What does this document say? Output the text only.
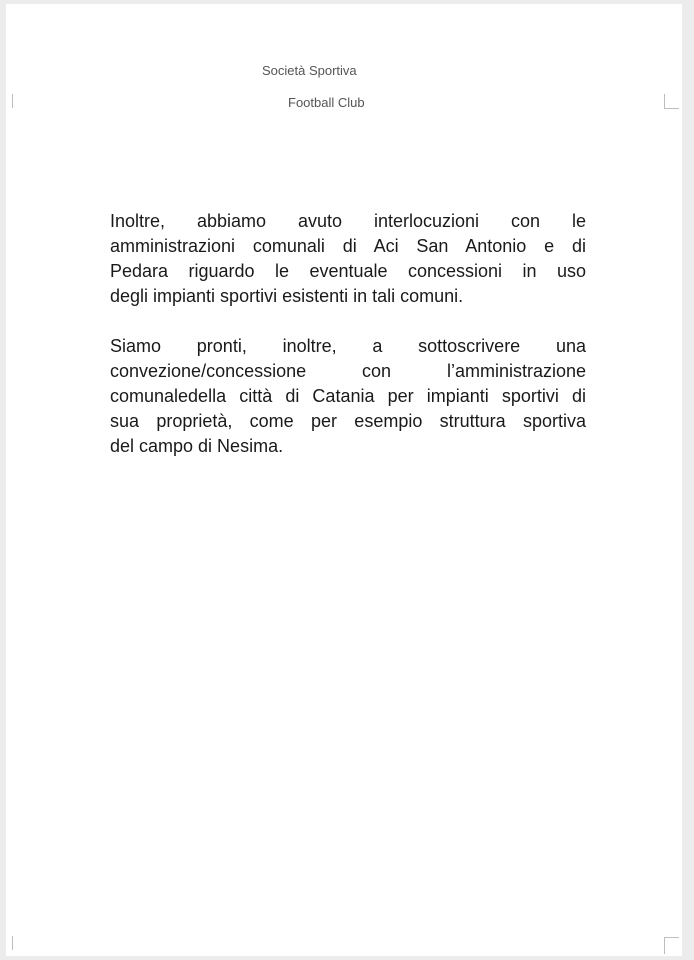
Società Sportiva

Football Club

Inoltre, abbiamo avuto interlocuzioni con le
amministrazioni comunali di Aci San Antonio e di
Pedara riguardo le eventuale concessioni in uso
degli impianti sportivi esistenti in tali comuni.

Siamo pronti, inoltre, a sottoscrivere una
convezione/concessione con l’amministrazione
comunaledella città di Catania per impianti sportivi di
sua proprietà, come per esempio struttura sportiva
del campo di Nesima.
